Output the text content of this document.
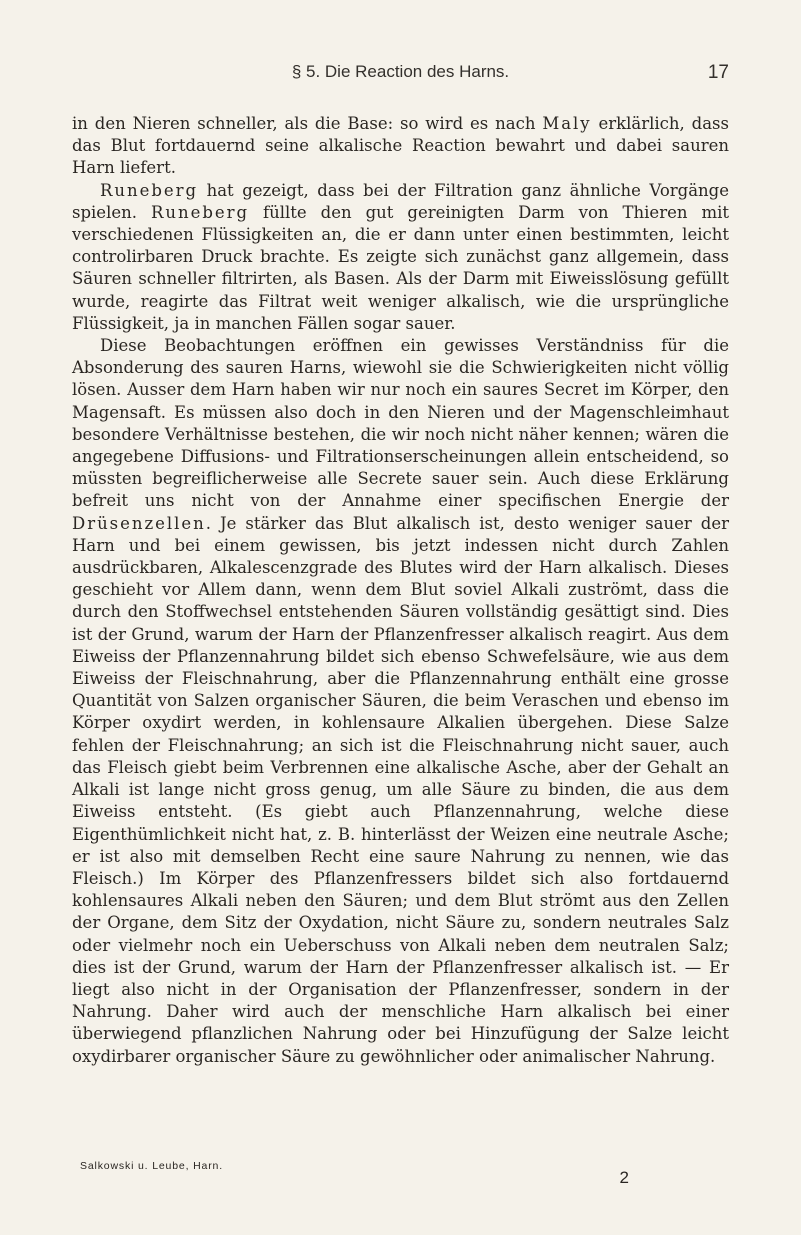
§ 5. Die Reaction des Harns.	17

in den Nieren schneller, als die Base: so wird es nach Maly erklärlich, dass das Blut fortdauernd seine alkalische Reaction bewahrt und dabei sauren Harn liefert.

Runeberg hat gezeigt, dass bei der Filtration ganz ähnliche Vorgänge spielen. Runeberg füllte den gut gereinigten Darm von Thieren mit verschiedenen Flüssigkeiten an, die er dann unter einen bestimmten, leicht controlirbaren Druck brachte. Es zeigte sich zunächst ganz allgemein, dass Säuren schneller filtrirten, als Basen. Als der Darm mit Eiweisslösung gefüllt wurde, reagirte das Filtrat weit weniger alkalisch, wie die ursprüngliche Flüssigkeit, ja in manchen Fällen sogar sauer.

Diese Beobachtungen eröffnen ein gewisses Verständniss für die Absonderung des sauren Harns, wiewohl sie die Schwierigkeiten nicht völlig lösen. Ausser dem Harn haben wir nur noch ein saures Secret im Körper, den Magensaft. Es müssen also doch in den Nieren und der Magenschleimhaut besondere Verhältnisse bestehen, die wir noch nicht näher kennen; wären die angegebene Diffusions- und Filtrationserscheinungen allein entscheidend, so müssten begreiflicherweise alle Secrete sauer sein. Auch diese Erklärung befreit uns nicht von der Annahme einer specifischen Energie der Drüsenzellen. Je stärker das Blut alkalisch ist, desto weniger sauer der Harn und bei einem gewissen, bis jetzt indessen nicht durch Zahlen ausdrückbaren, Alkalescenzgrade des Blutes wird der Harn alkalisch. Dieses geschieht vor Allem dann, wenn dem Blut soviel Alkali zuströmt, dass die durch den Stoffwechsel entstehenden Säuren vollständig gesättigt sind. Dies ist der Grund, warum der Harn der Pflanzenfresser alkalisch reagirt. Aus dem Eiweiss der Pflanzennahrung bildet sich ebenso Schwefelsäure, wie aus dem Eiweiss der Fleischnahrung, aber die Pflanzennahrung enthält eine grosse Quantität von Salzen organischer Säuren, die beim Veraschen und ebenso im Körper oxydirt werden, in kohlensaure Alkalien übergehen. Diese Salze fehlen der Fleischnahrung; an sich ist die Fleischnahrung nicht sauer, auch das Fleisch giebt beim Verbrennen eine alkalische Asche, aber der Gehalt an Alkali ist lange nicht gross genug, um alle Säure zu binden, die aus dem Eiweiss entsteht. (Es giebt auch Pflanzennahrung, welche diese Eigenthümlichkeit nicht hat, z. B. hinterlässt der Weizen eine neutrale Asche; er ist also mit demselben Recht eine saure Nahrung zu nennen, wie das Fleisch.) Im Körper des Pflanzenfressers bildet sich also fortdauernd kohlensaures Alkali neben den Säuren; und dem Blut strömt aus den Zellen der Organe, dem Sitz der Oxydation, nicht Säure zu, sondern neutrales Salz oder vielmehr noch ein Ueberschuss von Alkali neben dem neutralen Salz; dies ist der Grund, warum der Harn der Pflanzenfresser alkalisch ist. — Er liegt also nicht in der Organisation der Pflanzenfresser, sondern in der Nahrung. Daher wird auch der menschliche Harn alkalisch bei einer überwiegend pflanzlichen Nahrung oder bei Hinzufügung der Salze leicht oxydirbarer organischer Säure zu gewöhnlicher oder animalischer Nahrung.

Salkowski u. Leube, Harn.
2
